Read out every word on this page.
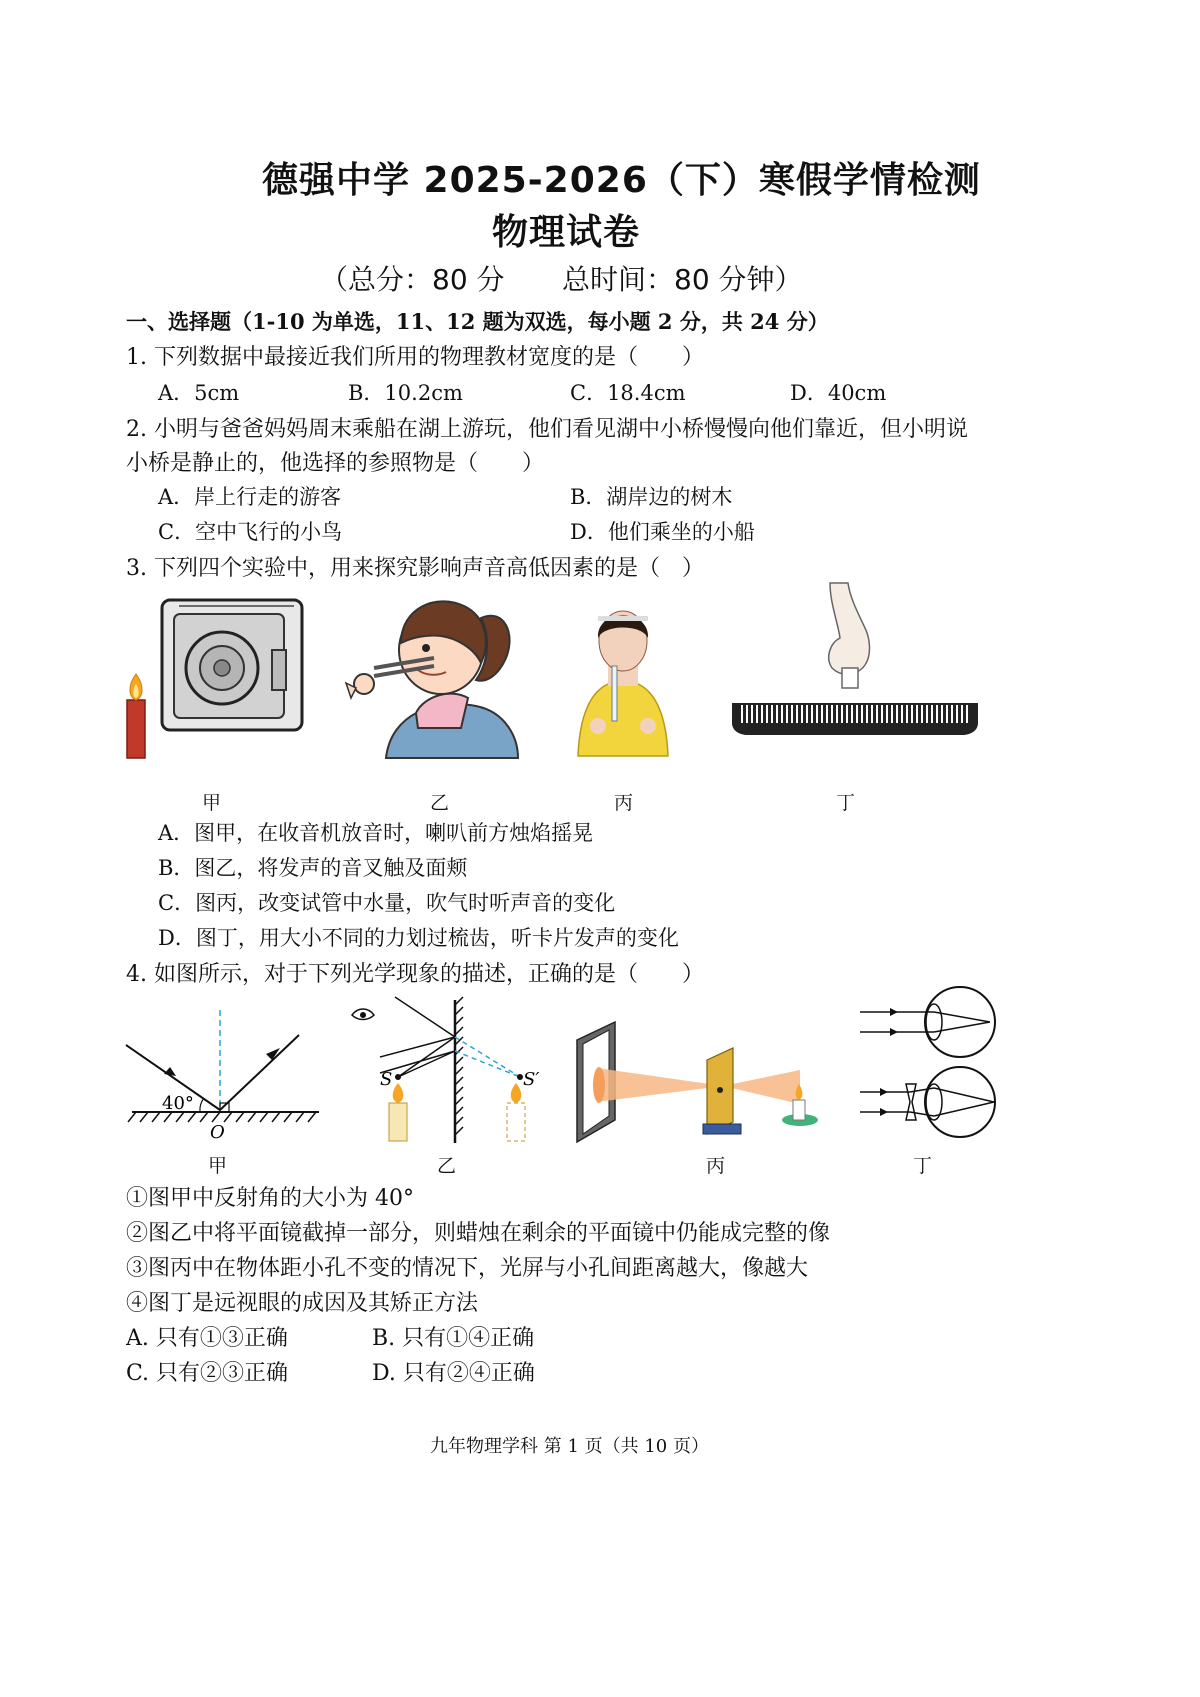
德强中学 2025-2026（下）寒假学情检测
物理试卷
（总分：80 分 总时间：80 分钟）
一、选择题（1-10 为单选，11、12 题为双选，每小题 2 分，共 24 分）
1. 下列数据中最接近我们所用的物理教材宽度的是（　　）
A．5cm	B．10.2cm	C．18.4cm	D．40cm
2. 小明与爸爸妈妈周末乘船在湖上游玩，他们看见湖中小桥慢慢向他们靠近，但小明说
小桥是静止的，他选择的参照物是（　　）
A．岸上行走的游客	B．湖岸边的树木
C．空中飞行的小鸟	D．他们乘坐的小船
3. 下列四个实验中，用来探究影响声音高低因素的是（　）
甲	乙	丙	丁
A．图甲，在收音机放音时，喇叭前方烛焰摇晃
B．图乙，将发声的音叉触及面颊
C．图丙，改变试管中水量，吹气时听声音的变化
D．图丁，用大小不同的力划过梳齿，听卡片发声的变化
4. 如图所示，对于下列光学现象的描述，正确的是（　　）
40°
O
S	S′
甲	乙	丙	丁
①图甲中反射角的大小为 40°
②图乙中将平面镜截掉一部分，则蜡烛在剩余的平面镜中仍能成完整的像
③图丙中在物体距小孔不变的情况下，光屏与小孔间距离越大，像越大
④图丁是远视眼的成因及其矫正方法
A. 只有①③正确	B. 只有①④正确
C. 只有②③正确	D. 只有②④正确
九年物理学科 第 1 页（共 10 页）
